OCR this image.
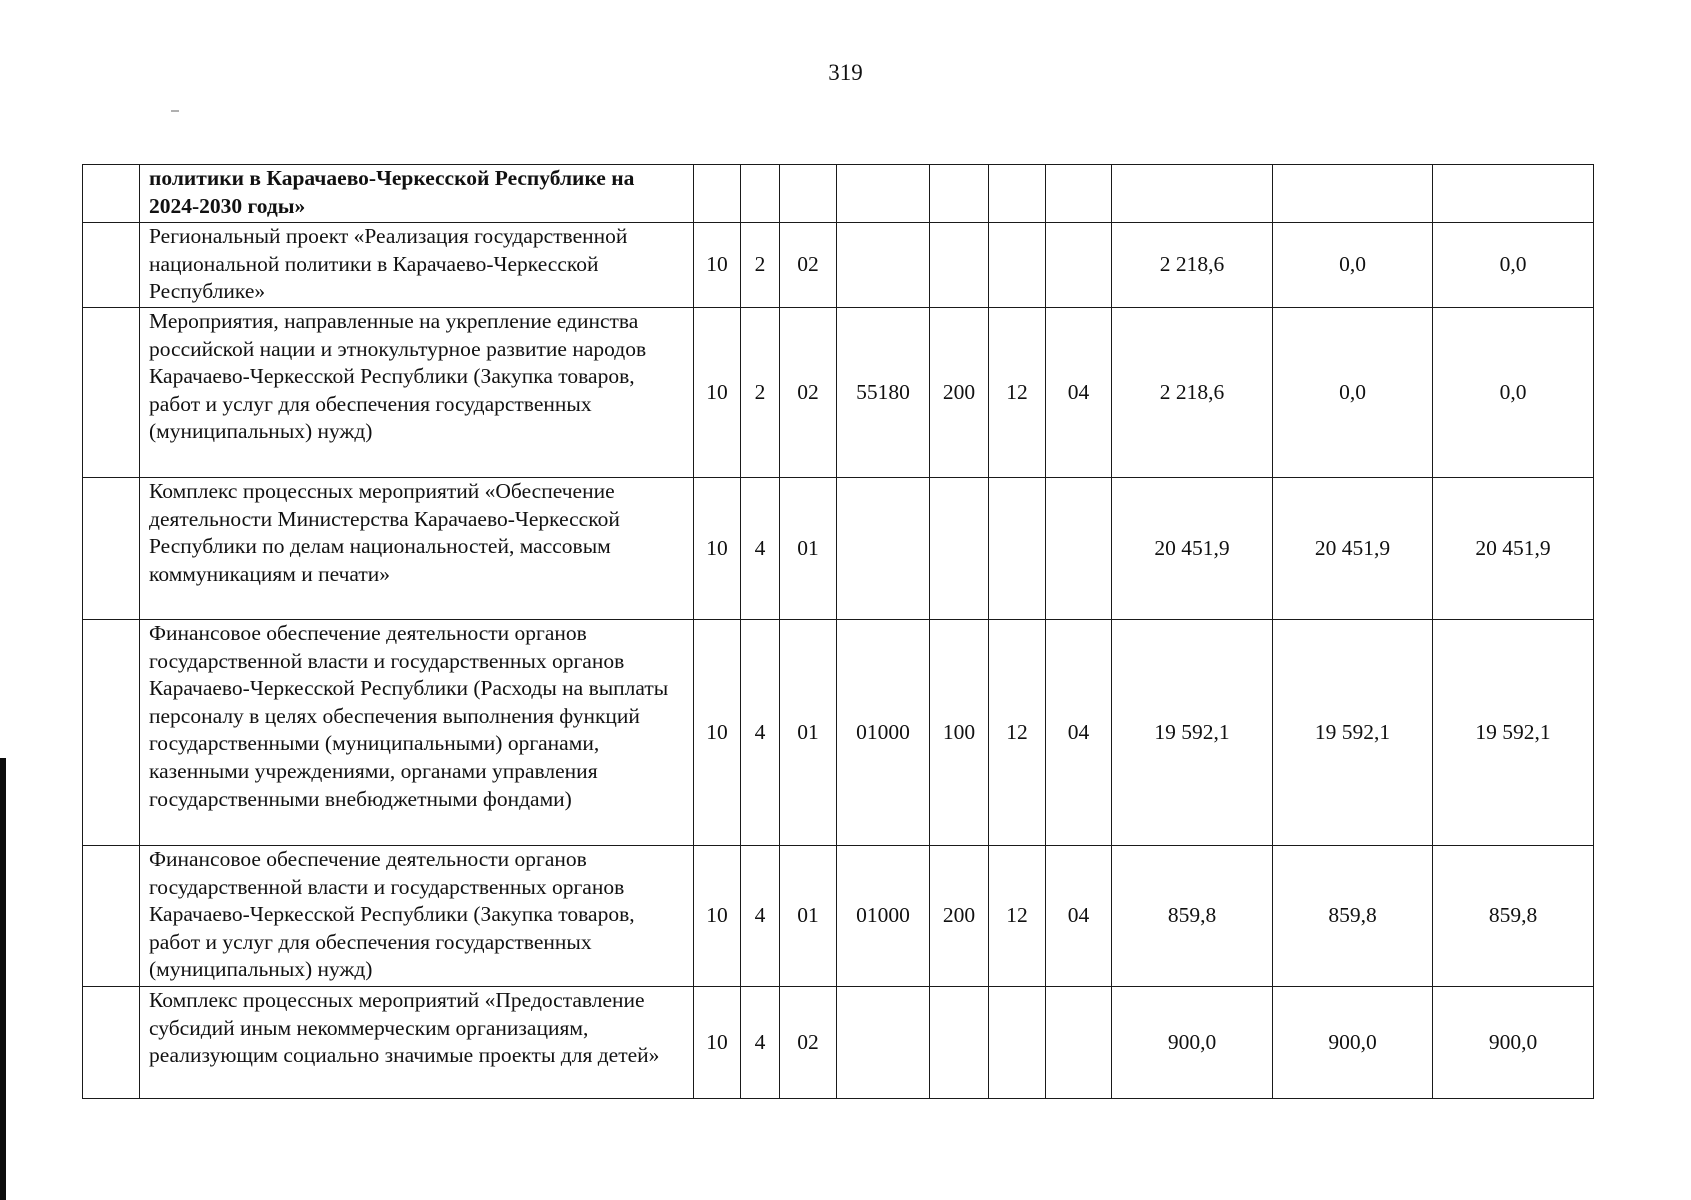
319
	политики в Карачаево-Черкесской Республике на 2024-2030 годы»										
	Региональный проект «Реализация государственной национальной политики в Карачаево-Черкесской Республике»	10	2	02					2 218,6	0,0	0,0
	Мероприятия, направленные на укрепление единства российской нации и этнокультурное развитие народов Карачаево-Черкесской Республики (Закупка товаров, работ и услуг для обеспечения государственных (муниципальных) нужд)	10	2	02	55180	200	12	04	2 218,6	0,0	0,0
	Комплекс процессных мероприятий «Обеспечение деятельности Министерства Карачаево-Черкесской Республики по делам национальностей, массовым коммуникациям и печати»	10	4	01					20 451,9	20 451,9	20 451,9
	Финансовое обеспечение деятельности органов государственной власти и государственных органов Карачаево-Черкесской Республики (Расходы на выплаты персоналу в целях обеспечения выполнения функций государственными (муниципальными) органами, казенными учреждениями, органами управления государственными внебюджетными фондами)	10	4	01	01000	100	12	04	19 592,1	19 592,1	19 592,1
	Финансовое обеспечение деятельности органов государственной власти и государственных органов Карачаево-Черкесской Республики (Закупка товаров, работ и услуг для обеспечения государственных (муниципальных) нужд)	10	4	01	01000	200	12	04	859,8	859,8	859,8
	Комплекс процессных мероприятий «Предоставление субсидий иным некоммерческим организациям, реализующим социально значимые проекты для детей»	10	4	02					900,0	900,0	900,0
